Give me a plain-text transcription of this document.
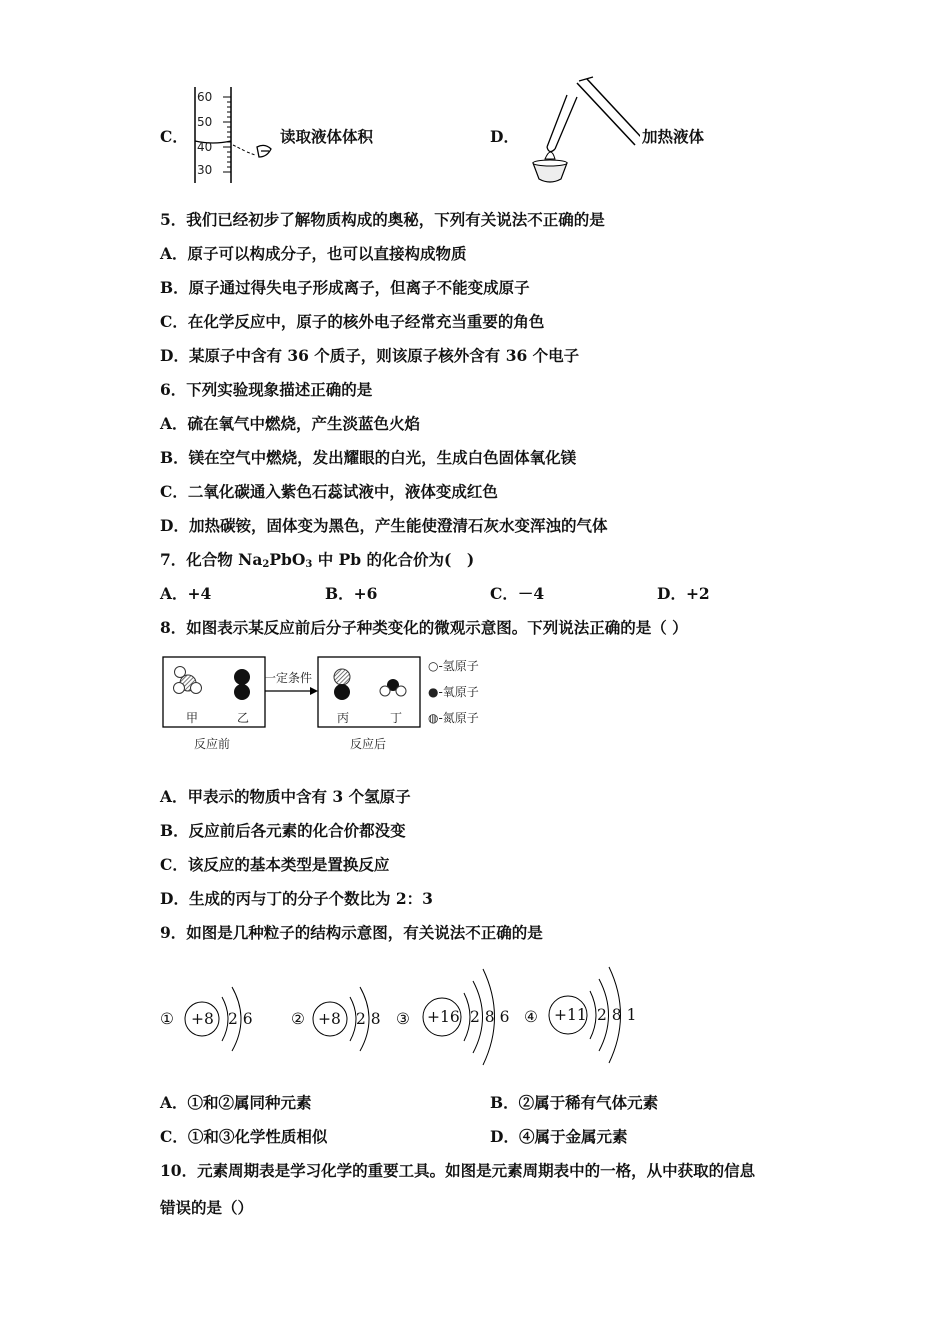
C．
60
50
40
30
读取液体体积	D．	加热液体
5．我们已经初步了解物质构成的奥秘，下列有关说法不正确的是
A．原子可以构成分子，也可以直接构成物质
B．原子通过得失电子形成离子，但离子不能变成原子
C．在化学反应中，原子的核外电子经常充当重要的角色
D．某原子中含有 36 个质子，则该原子核外含有 36 个电子
6．下列实验现象描述正确的是
A．硫在氧气中燃烧，产生淡蓝色火焰
B．镁在空气中燃烧，发出耀眼的白光，生成白色固体氧化镁
C．二氧化碳通入紫色石蕊试液中，液体变成红色
D．加热碳铵，固体变为黑色，产生能使澄清石灰水变浑浊的气体
7．化合物 $Na_2PbO_3$ 中 Pb 的化合价为(　)
A．+4	B．+6	C．－4	D．+2
8．如图表示某反应前后分子种类变化的微观示意图。下列说法正确的是（ ）
一定条件
甲	乙	丙	丁
反应前	反应后
○-氢原子
●-氧原子
◍-氮原子
A．甲表示的物质中含有 3 个氢原子
B．反应前后各元素的化合价都没变
C．该反应的基本类型是置换反应
D．生成的丙与丁的分子个数比为 2：3
9．如图是几种粒子的结构示意图，有关说法不正确的是
① +8 2 6 ② +8 2 8 ③ +16 2 8 6 ④ +11 2 8 1
A．①和②属同种元素	B．②属于稀有气体元素
C．①和③化学性质相似	D．④属于金属元素
10．元素周期表是学习化学的重要工具。如图是元素周期表中的一格，从中获取的信息
错误的是（）
